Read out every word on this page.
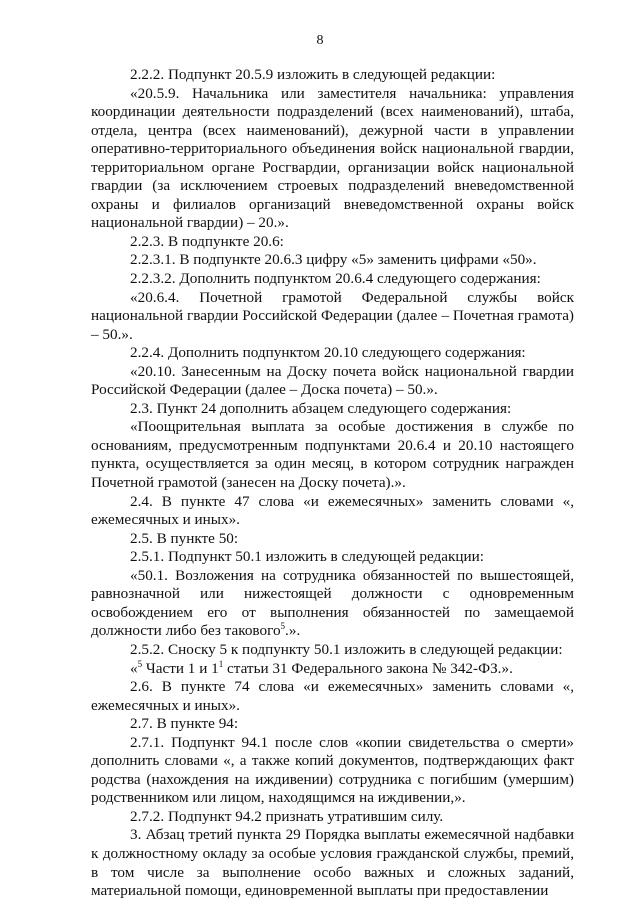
8

2.2.2. Подпункт 20.5.9 изложить в следующей редакции:

«20.5.9. Начальника или заместителя начальника: управления координации деятельности подразделений (всех наименований), штаба, отдела, центра (всех наименований), дежурной части в управлении оперативно-территориального объединения войск национальной гвардии, территориальном органе Росгвардии, организации войск национальной гвардии (за исключением строевых подразделений вневедомственной охраны и филиалов организаций вневедомственной охраны войск национальной гвардии) – 20.».

2.2.3. В подпункте 20.6:

2.2.3.1. В подпункте 20.6.3 цифру «5» заменить цифрами «50».

2.2.3.2. Дополнить подпунктом 20.6.4 следующего содержания:

«20.6.4. Почетной грамотой Федеральной службы войск национальной гвардии Российской Федерации (далее – Почетная грамота) – 50.».

2.2.4. Дополнить подпунктом 20.10 следующего содержания:

«20.10. Занесенным на Доску почета войск национальной гвардии Российской Федерации (далее – Доска почета) – 50.».

2.3. Пункт 24 дополнить абзацем следующего содержания:

«Поощрительная выплата за особые достижения в службе по основаниям, предусмотренным подпунктами 20.6.4 и 20.10 настоящего пункта, осуществляется за один месяц, в котором сотрудник награжден Почетной грамотой (занесен на Доску почета).».

2.4. В пункте 47 слова «и ежемесячных» заменить словами «, ежемесячных и иных».

2.5. В пункте 50:

2.5.1. Подпункт 50.1 изложить в следующей редакции:

«50.1. Возложения на сотрудника обязанностей по вышестоящей, равнозначной или нижестоящей должности с одновременным освобождением его от выполнения обязанностей по замещаемой должности либо без такового$^5$.».

2.5.2. Сноску 5 к подпункту 50.1 изложить в следующей редакции:

«$^5$ Части 1 и $1^1$ статьи 31 Федерального закона № 342-ФЗ.».

2.6. В пункте 74 слова «и ежемесячных» заменить словами «, ежемесячных и иных».

2.7. В пункте 94:

2.7.1. Подпункт 94.1 после слов «копии свидетельства о смерти» дополнить словами «, а также копий документов, подтверждающих факт родства (нахождения на иждивении) сотрудника с погибшим (умершим) родственником или лицом, находящимся на иждивении,».

2.7.2. Подпункт 94.2 признать утратившим силу.

3. Абзац третий пункта 29 Порядка выплаты ежемесячной надбавки к должностному окладу за особые условия гражданской службы, премий, в том числе за выполнение особо важных и сложных заданий, материальной помощи, единовременной выплаты при предоставлении
